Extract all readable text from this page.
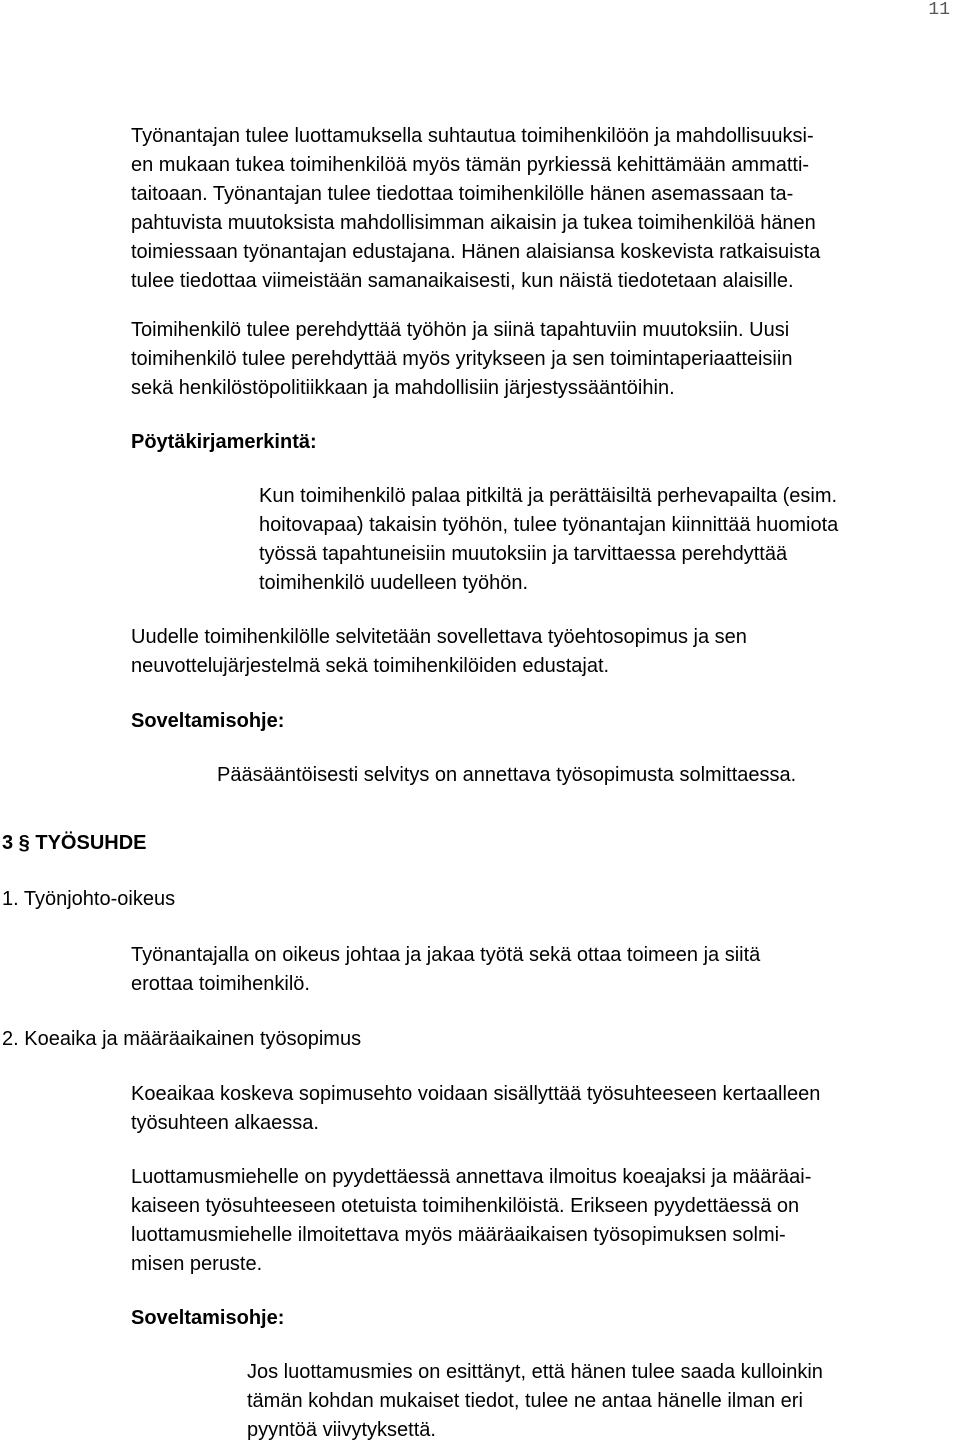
11
Työnantajan tulee luottamuksella suhtautua toimihenkilöön ja mahdollisuuksi-
en mukaan tukea toimihenkilöä myös tämän pyrkiessä kehittämään ammatti-
taitoaan. Työnantajan tulee tiedottaa toimihenkilölle hänen asemassaan ta-
pahtuvista muutoksista mahdollisimman aikaisin ja tukea toimihenkilöä hänen
toimiessaan työnantajan edustajana. Hänen alaisiansa koskevista ratkaisuista
tulee tiedottaa viimeistään samanaikaisesti, kun näistä tiedotetaan alaisille.
Toimihenkilö tulee perehdyttää työhön ja siinä tapahtuviin muutoksiin. Uusi
toimihenkilö tulee perehdyttää myös yritykseen ja sen toimintaperiaatteisiin
sekä henkilöstöpolitiikkaan ja mahdollisiin järjestyssääntöihin.
Pöytäkirjamerkintä:
Kun toimihenkilö palaa pitkiltä ja perättäisiltä perhevapailta (esim.
hoitovapaa) takaisin työhön, tulee työnantajan kiinnittää huomiota
työssä tapahtuneisiin muutoksiin ja tarvittaessa perehdyttää
toimihenkilö uudelleen työhön.
Uudelle toimihenkilölle selvitetään sovellettava työehtosopimus ja sen
neuvottelujärjestelmä sekä toimihenkilöiden edustajat.
Soveltamisohje:
Pääsääntöisesti selvitys on annettava työsopimusta solmittaessa.
3 § TYÖSUHDE
1. Työnjohto-oikeus
Työnantajalla on oikeus johtaa ja jakaa työtä sekä ottaa toimeen ja siitä
erottaa toimihenkilö.
2. Koeaika ja määräaikainen työsopimus
Koeaikaa koskeva sopimusehto voidaan sisällyttää työsuhteeseen kertaalleen
työsuhteen alkaessa.
Luottamusmiehelle on pyydettäessä annettava ilmoitus koeajaksi ja määräai-
kaiseen työsuhteeseen otetuista toimihenkilöistä. Erikseen pyydettäessä on
luottamusmiehelle ilmoitettava myös määräaikaisen työsopimuksen solmi-
misen peruste.
Soveltamisohje:
Jos luottamusmies on esittänyt, että hänen tulee saada kulloinkin
tämän kohdan mukaiset tiedot, tulee ne antaa hänelle ilman eri
pyyntöä viivytyksettä.
